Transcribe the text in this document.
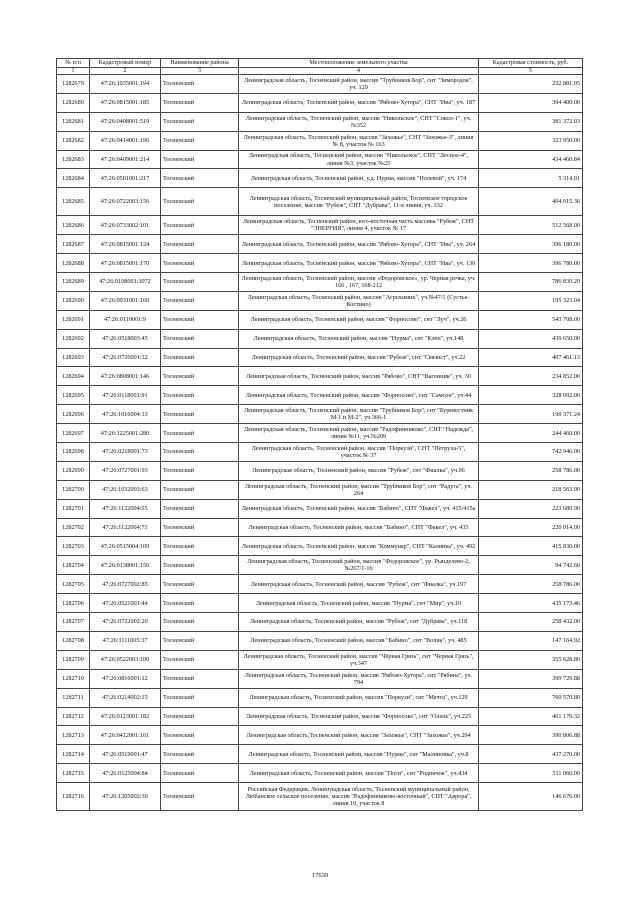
№ п/п	Кадастровый номер	Наименование района	Местоположение земельного участка	Кадастровая стоимость, руб.
1	2	3	4	5
1282679	47:26:1035001:194	Тосненский	Ленинградская область, Тосненский район, массив "Трубников Бор", снт "Зимородок", уч. 129	232 881.05
1282680	47:26:0815001:185	Тосненский	Ленинградская область, Тосненский район, массив "Рябово-Хутора", СНТ "Ива", уч. 187	394 400.00
1282681	47:26:0408001:519	Тосненский	Ленинградская область, Тосненский район, массив "Никольское", СНТ "Сокол-1", уч.№352	381 372.03
1282682	47:26:0414001:196	Тосненский	Ленинградская область, Тосненский район, массив "Захожье", СНТ "Захожье-3", линия № 8, участок № 163	323 950.00
1282683	47:26:0409001:214	Тосненский	Ленинградская область, Тосненский район, массив "Никольское", СНТ "Лесное-4", линия №3, участок №25	434 460.84
1282684	47:26:0501001:217	Тосненский	Ленинградская область, Тосненский район, у.д. Нурма, массив "Нолевой", уч. 174	5 314.01
1282685	47:26:0722003:156	Тосненский	Ленинградская область, Тосненский муниципальный район, Тосненское городское поселение, массив "Рубеж", СНТ "Дубрава", 11-я линия, уч. 332	404 015.36
1282686	47:26:0733002:101	Тосненский	Ленинградская область, Тосненский район, юго-восточная часть массива "Рубеж", СНТ "ЭНЕРГИЯ", линия 4, участок № 17	512 568.00
1282687	47:26:0815001:124	Тосненский	Ленинградская область, Тосненский район, массив "Рябово-Хутора", СНТ "Ива", уч. 264	396 180.00
1282688	47:26:0815001:170	Тосненский	Ленинградская область, Тосненский район, массив "Рябово-Хутора", СНТ "Ива", уч. 130	396 780.00
1282689	47:26:0108001:3072	Тосненский	Ленинградская область, Тосненский район, массив «Федоровское», ур. Черная речка, уч. 166 , 167, 168-212	786 830.29
1282690	47:26:0931001:160	Тосненский	Ленинградская область, Тосненский район, массив "Агрохимик", уч.№47/1 (Сустье-Костино)	195 323.04
1282691	47:26:0119001:9	Тосненский	Ленинградская область, Тосненский район, массив "Форносово", снт "Луч", уч.26	543 708.00
1282692	47:26:0518003:45	Тосненский	Ленинградская область, Тосненский район, массив "Нурма", снт "Клен", уч.148	439 650.00
1282693	47:26:0726001:32	Тосненский	Ленинградская область, Тосненский район, массив "Рубеж", снт "Связист", уч.22	407 461.13
1282694	47:26:0808001:146	Тосненский	Ленинградская область, Тосненский район, массив "Рябово", СНТ "Вагонник", уч. 30	234 852.00
1282695	47:26:0118001:91	Тосненский	Ленинградская область, Тосненский район, массив "Форносово", снт "Самсон", уч.44	328 092.00
1282696	47:26:1016004:13	Тосненский	Ленинградская область, Тосненский район, массив "Трубников Бор", снт "Буревестник М-1 и М-2", уч.366-1	190 371.24
1282697	47:26:1225001:280	Тосненский	Ленинградская область, Тосненский район, массив "Радофинниково", СНТ "Надежда", линия №11, уч.№209	244 460.00
1282698	47:26:0218001:73	Тосненский	Ленинградская область, Тосненский район, массив "Поркузи", СНТ "Петруха-5", участок № 37	742 946.00
1282699	47:26:0727001:93	Тосненский	Ленинградская область, Тосненский район, массив "Рубеж", снт "Фиалка", уч.96	258 786.00
1282700	47:26:1032003:63	Тосненский	Ленинградская область, Тосненский район, массив "Трубников Бор", снт "Радуга", уч. 264	218 563.90
1282701	47:26:1122004:55	Тосненский	Ленинградская область, Тосненский район, массив "Бабино", СНТ "Факел", уч. 415/415а	223 680.90
1282702	47:26:1122004:73	Тосненский	Ленинградская область, Тосненский район, массив "Бабино", СНТ "Факел", уч. 435	220 014.00
1282703	47:26:0515004:109	Тосненский	Ленинградская область, Тосненский район, массив "Коммунар", СНТ "Калинка", уч. 492	415 830.00
1282704	47:26:0138001:150	Тосненский	Ленинградская область, Тосненский район, массив "Федоровское", ур. Рынделево-2, №267/1-16	94 742.60
1282705	47:26:0727002:85	Тосненский	Ленинградская область, Тосненский район, массив "Рубеж", снт "Фиалка", уч.197	258 786.00
1282706	47:26:0521001:44	Тосненский	Ленинградская область, Тосненский район, массив "Нурма", снт "Мир", уч.10	435 173.46
1282707	47:26:0722002:20	Тосненский	Ленинградская область, Тосненский район, массив "Рубеж", снт "Дубрава", уч.118	258 432.00
1282708	47:26:1111005:37	Тосненский	Ленинградская область, Тосненский район, массив "Бабино", снт "Волна", уч. 485	147 164.92
1282709	47:26:0522003:100	Тосненский	Ленинградская область, Тосненский район, массив "Чёрная Грязь", снт "Черная Грязь", уч.347	355 628.80
1282710	47:26:0816001:12	Тосненский	Ленинградская область, Тосненский район, массив "Рябово-Хутора", снт "Рябина", уч. 794	399 729.88
1282711	47:26:0214002:15	Тосненский	Ленинградская область, Тосненский район, массив "Поркузи", снт "Мечта", уч.129	760 570.80
1282712	47:26:0123001:182	Тосненский	Ленинградская область, Тосненский район, массив "Форносово", снт "Олень", уч.225	461 176.32
1282713	47:26:0412001:161	Тосненский	Ленинградская область,Тосненский район, массив "Захожье", СНТ "Захожье", уч.294	390 806.88
1282714	47:26:0519001:47	Тосненский	Ленинградская область, Тосненский район, массив "Нурма", снт "Малиновка", уч.8	437 270.00
1282715	47:26:0125004:84	Тосненский	Ленинградская область, Тосненский район, массив "Поги", снт "Родничок", уч.434	511 060.00
1282716	47:26:1205002:30	Тосненский	Российская Федерация, Ленинградская область, Тосненский муниципальный район, Любанское сельское поселение, массив "Радофинниково-восточный", СНТ "Аврора", линия 10, участок 8	146 676.00
17639
